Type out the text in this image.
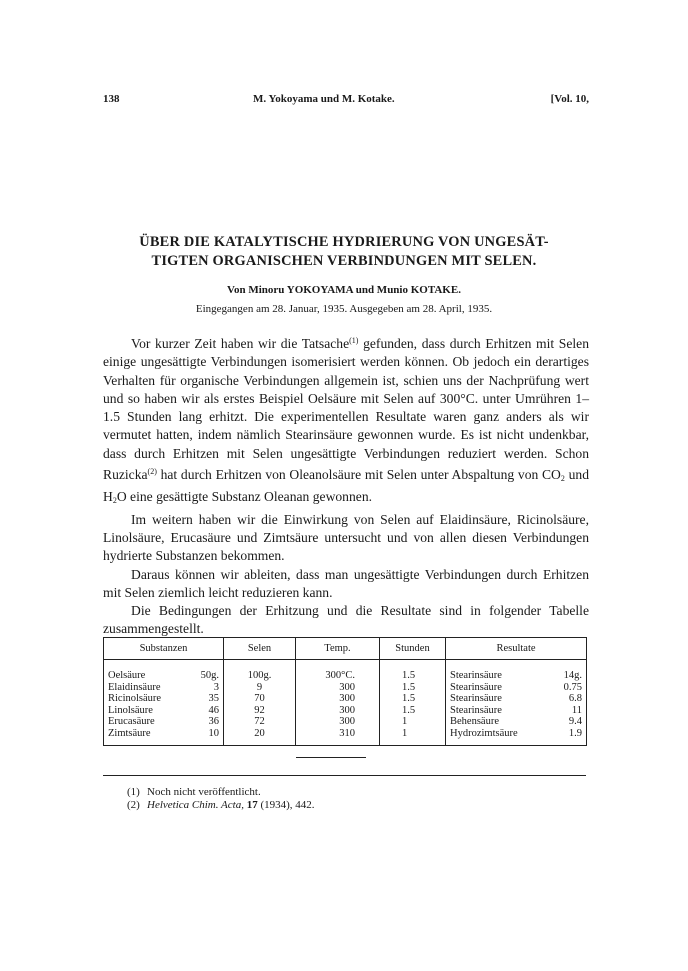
138	M. Yokoyama und M. Kotake.	[Vol. 10,
ÜBER DIE KATALYTISCHE HYDRIERUNG VON UNGESÄT-
TIGTEN ORGANISCHEN VERBINDUNGEN MIT SELEN.
Von Minoru YOKOYAMA und Munio KOTAKE.
Eingegangen am 28. Januar, 1935. Ausgegeben am 28. April, 1935.

Vor kurzer Zeit haben wir die Tatsache$^{(1)}$ gefunden, dass durch Erhitzen mit Selen einige ungesättigte Verbindungen isomerisiert werden können. Ob jedoch ein derartiges Verhalten für organische Verbindungen allgemein ist, schien uns der Nachprüfung wert und so haben wir als erstes Beispiel Oelsäure mit Selen auf 300°C. unter Umrühren 1–1.5 Stunden lang erhitzt. Die experimentellen Resultate waren ganz anders als wir vermutet hatten, indem nämlich Stearinsäure gewonnen wurde. Es ist nicht undenkbar, dass durch Erhitzen mit Selen ungesättigte Verbindungen reduziert werden. Schon Ruzicka$^{(2)}$ hat durch Erhitzen von Oleanolsäure mit Selen unter Abspaltung von $CO_2$ und $H_2O$ eine gesättigte Substanz Oleanan gewonnen.

Im weitern haben wir die Einwirkung von Selen auf Elaidinsäure, Ricinolsäure, Linolsäure, Erucasäure und Zimtsäure untersucht und von allen diesen Verbindungen hydrierte Substanzen bekommen.

Daraus können wir ableiten, dass man ungesättigte Verbindungen durch Erhitzen mit Selen ziemlich leicht reduzieren kann.

Die Bedingungen der Erhitzung und die Resultate sind in folgender Tabelle zusammengestellt.

Substanzen	Selen	Temp.	Stunden	Resultate

Oelsäure 50g.	100g.	300°C.	1.5	Stearinsäure 14g.

Elaidinsäure 3	9	300	1.5	Stearinsäure 0.75

Ricinolsäure 35	70	300	1.5	Stearinsäure 6.8

Linolsäure 46	92	300	1.5	Stearinsäure 11

Erucasäure 36	72	300	1	Behensäure 9.4

Zimtsäure 10	20	310	1	Hydrozimtsäure 1.9
(1) Noch nicht veröffentlicht.
(2) Helvetica Chim. Acta, 17 (1934), 442.
